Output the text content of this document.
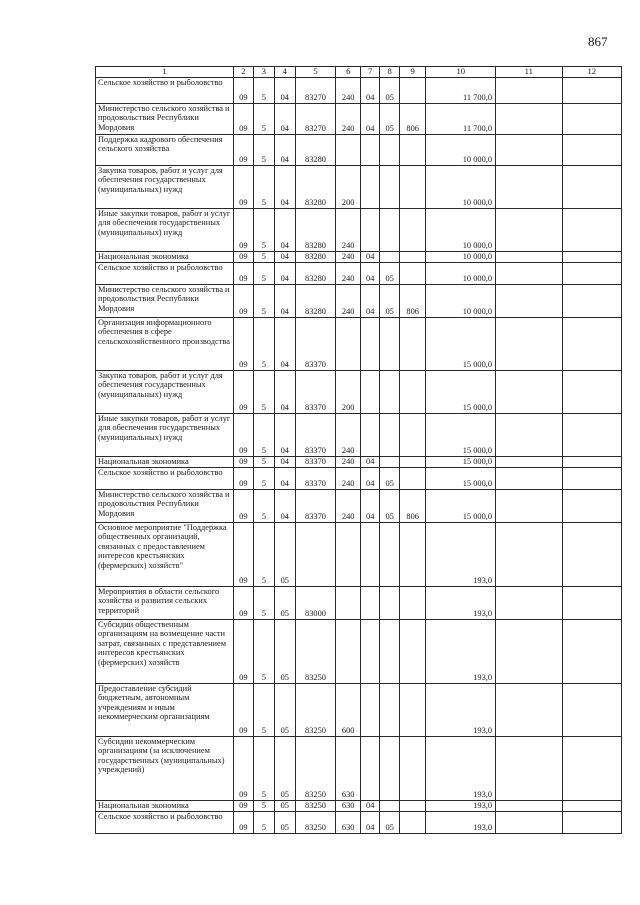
867
1	2	3	4	5	6	7	8	9	10	11	12
Сельское хозяйство и рыболовство	09	5	04	83270	240	04	05		11 700,0		
Министерство сельского хозяйства и продовольствия Республики Мордовия	09	5	04	83270	240	04	05	806	11 700,0		
Поддержка кадрового обеспечения сельского хозяйства	09	5	04	83280					10 000,0		
Закупка товаров, работ и услуг для обеспечения государственных (муниципальных) нужд	09	5	04	83280	200				10 000,0		
Иные закупки товаров, работ и услуг для обеспечения государственных (муниципальных) нужд	09	5	04	83280	240				10 000,0		
Национальная экономика	09	5	04	83280	240	04			10 000,0		
Сельское хозяйство и рыболовство	09	5	04	83280	240	04	05		10 000,0		
Министерство сельского хозяйства и продовольствия Республики Мордовия	09	5	04	83280	240	04	05	806	10 000,0		
Организация информационного обеспечения в сфере сельскохозяйственного производства	09	5	04	83370					15 000,0		
Закупка товаров, работ и услуг для обеспечения государственных (муниципальных) нужд	09	5	04	83370	200				15 000,0		
Иные закупки товаров, работ и услуг для обеспечения государственных (муниципальных) нужд	09	5	04	83370	240				15 000,0		
Национальная экономика	09	5	04	83370	240	04			15 000,0		
Сельское хозяйство и рыболовство	09	5	04	83370	240	04	05		15 000,0		
Министерство сельского хозяйства и продовольствия Республики Мордовия	09	5	04	83370	240	04	05	806	15 000,0		
Основное мероприятие "Поддержка общественных организаций, связанных с предоставлением интересов крестьянских (фермерских) хозяйств"	09	5	05						193,0		
Мероприятия в области сельского хозяйства и развития сельских территорий	09	5	05	83000					193,0		
Субсидии общественным организациям на возмещение части затрат, связанных с представлением интересов крестьянских (фермерских) хозяйств	09	5	05	83250					193,0		
Предоставление субсидий бюджетным, автономным учреждениям и иным некоммерческим организациям	09	5	05	83250	600				193,0		
Субсидии некоммерческим организациям (за исключением государственных (муниципальных) учреждений)	09	5	05	83250	630				193,0		
Национальная экономика	09	5	05	83250	630	04			193,0		
Сельское хозяйство и рыболовство	09	5	05	83250	630	04	05		193,0		
